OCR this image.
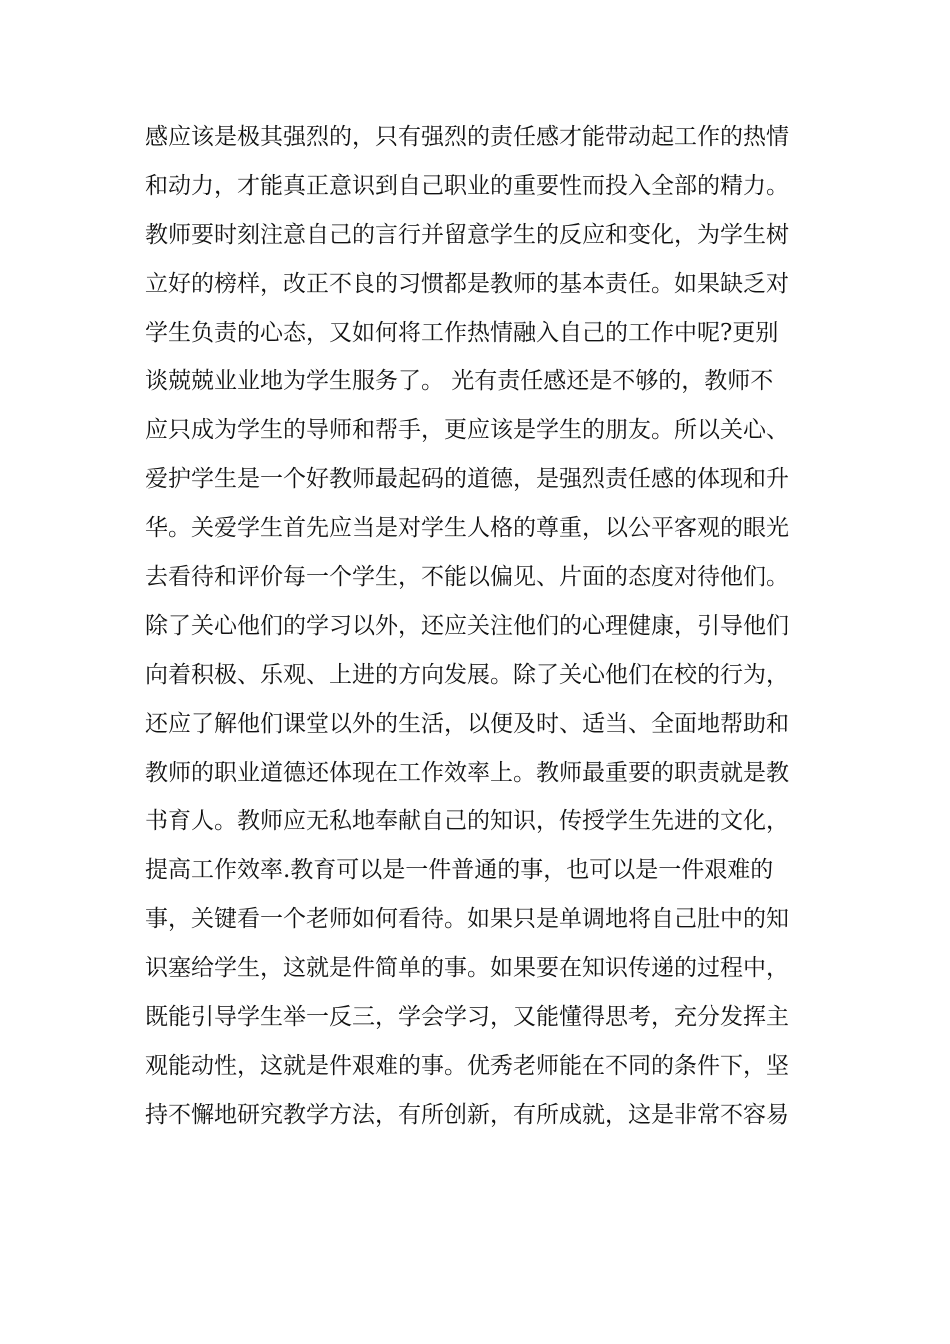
感应该是极其强烈的，只有强烈的责任感才能带动起工作的热情
和动力，才能真正意识到自己职业的重要性而投入全部的精力。
教师要时刻注意自己的言行并留意学生的反应和变化，为学生树
立好的榜样，改正不良的习惯都是教师的基本责任。如果缺乏对
学生负责的心态，又如何将工作热情融入自己的工作中呢?更别
谈兢兢业业地为学生服务了。 光有责任感还是不够的，教师不
应只成为学生的导师和帮手，更应该是学生的朋友。所以关心、
爱护学生是一个好教师最起码的道德，是强烈责任感的体现和升
华。关爱学生首先应当是对学生人格的尊重，以公平客观的眼光
去看待和评价每一个学生，不能以偏见、片面的态度对待他们。
除了关心他们的学习以外，还应关注他们的心理健康，引导他们
向着积极、乐观、上进的方向发展。除了关心他们在校的行为，
还应了解他们课堂以外的生活，以便及时、适当、全面地帮助和
教师的职业道德还体现在工作效率上。教师最重要的职责就是教
书育人。教师应无私地奉献自己的知识，传授学生先进的文化，
提高工作效率.教育可以是一件普通的事，也可以是一件艰难的
事，关键看一个老师如何看待。如果只是单调地将自己肚中的知
识塞给学生，这就是件简单的事。如果要在知识传递的过程中，
既能引导学生举一反三，学会学习，又能懂得思考，充分发挥主
观能动性，这就是件艰难的事。优秀老师能在不同的条件下，坚
持不懈地研究教学方法，有所创新，有所成就，这是非常不容易
